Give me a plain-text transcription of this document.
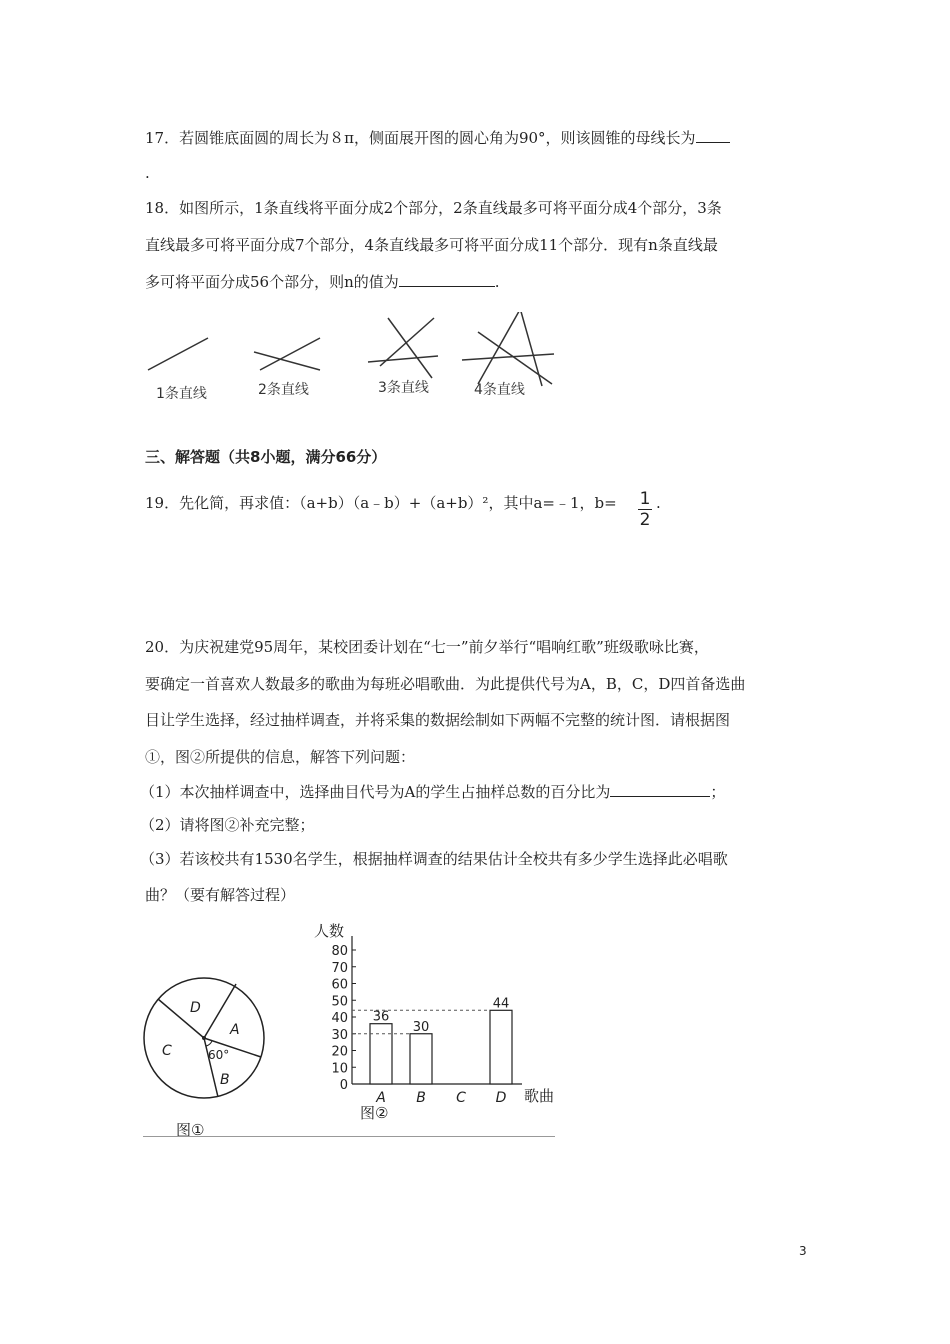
17．若圆锥底面圆的周长为８π，侧面展开图的圆心角为90°，则该圆锥的母线长为
.
18．如图所示，1条直线将平面分成2个部分，2条直线最多可将平面分成4个部分，3条
直线最多可将平面分成7个部分，4条直线最多可将平面分成11个部分．现有n条直线最
多可将平面分成56个部分，则n的值为	.
1条直线	2条直线	3条直线	4条直线
三、解答题（共8小题，满分66分）
19．先化简，再求值：（a+b）（a﹣b）+（a+b）²，其中a=﹣1，b= 1
2
.
20．为庆祝建党95周年，某校团委计划在“七一”前夕举行“唱响红歌”班级歌咏比赛，
要确定一首喜欢人数最多的歌曲为每班必唱歌曲．为此提供代号为A，B，C，D四首备选曲
目让学生选择，经过抽样调查，并将采集的数据绘制如下两幅不完整的统计图．请根据图
①，图②所提供的信息，解答下列问题：
（1）本次抽样调查中，选择曲目代号为A的学生占抽样总数的百分比为	；
（2）请将图②补充完整；
（3）若该校共有1530名学生，根据抽样调查的结果估计全校共有多少学生选择此必唱歌
曲？（要有解答过程）
D
A
C
B
60°
图①
0
10
20
30
40
50
60
70
80
36
A
30
B C
44
D
人数
歌曲
图②
3
